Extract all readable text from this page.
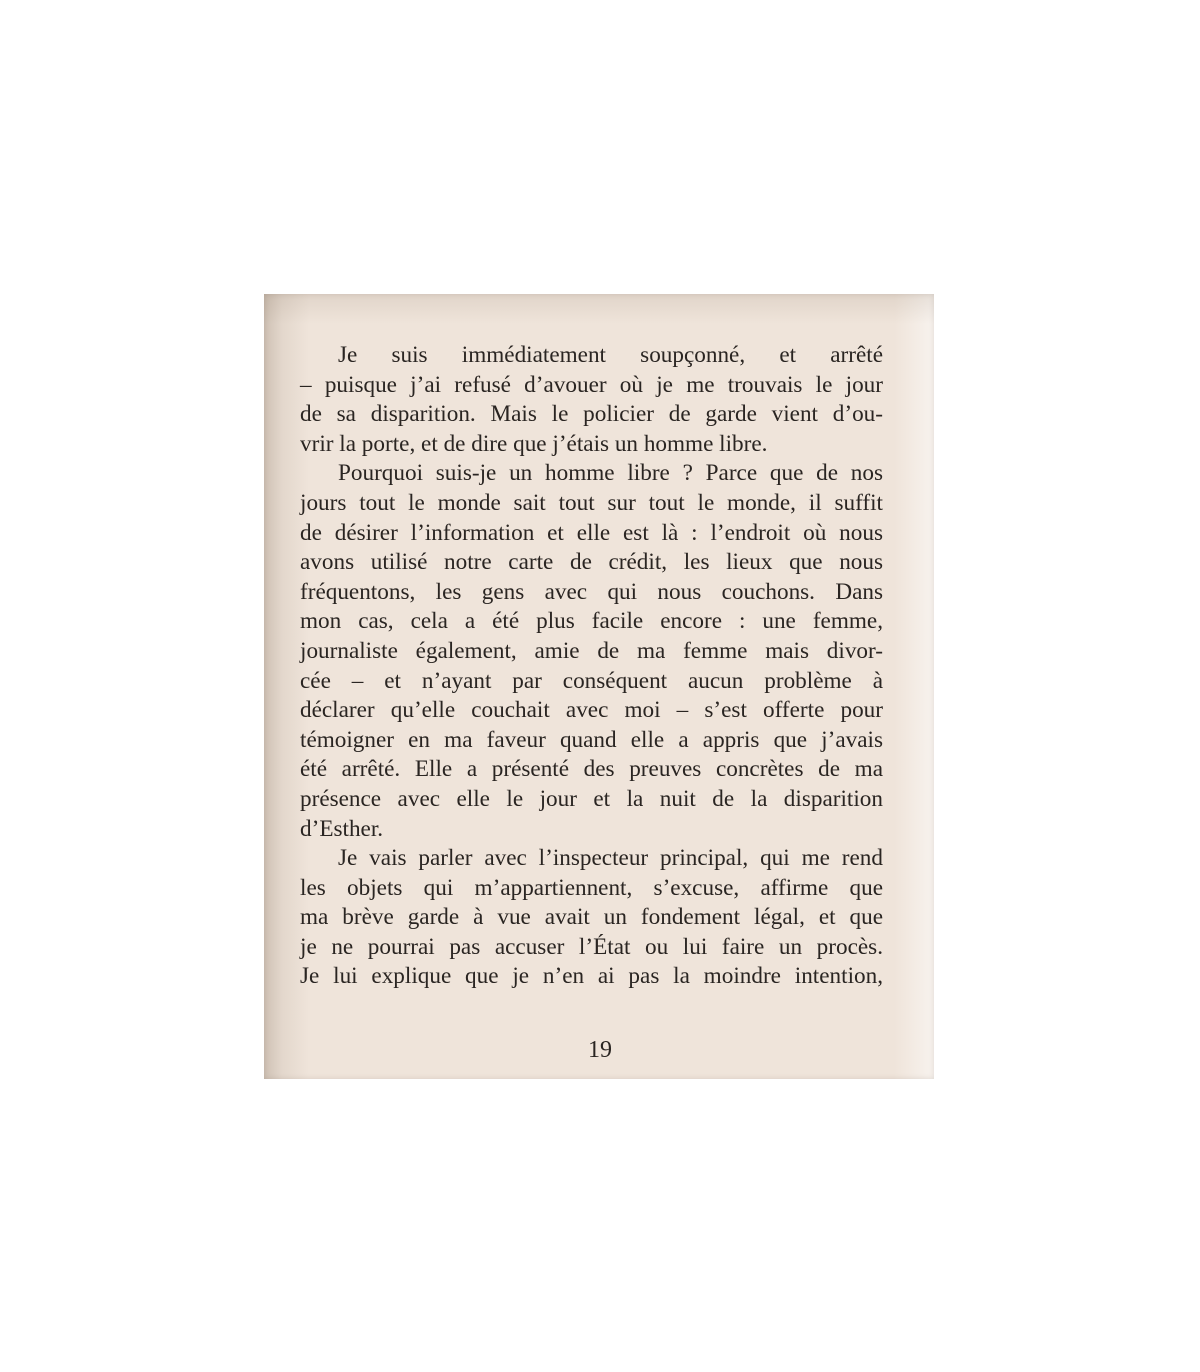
Je suis immédiatement soupçonné, et arrêté
– puisque j’ai refusé d’avouer où je me trouvais le jour
de sa disparition. Mais le policier de garde vient d’ou-
vrir la porte, et de dire que j’étais un homme libre.
Pourquoi suis-je un homme libre ? Parce que de nos
jours tout le monde sait tout sur tout le monde, il suffit
de désirer l’information et elle est là : l’endroit où nous
avons utilisé notre carte de crédit, les lieux que nous
fréquentons, les gens avec qui nous couchons. Dans
mon cas, cela a été plus facile encore : une femme,
journaliste également, amie de ma femme mais divor-
cée – et n’ayant par conséquent aucun problème à
déclarer qu’elle couchait avec moi – s’est offerte pour
témoigner en ma faveur quand elle a appris que j’avais
été arrêté. Elle a présenté des preuves concrètes de ma
présence avec elle le jour et la nuit de la disparition
d’Esther.
Je vais parler avec l’inspecteur principal, qui me rend
les objets qui m’appartiennent, s’excuse, affirme que
ma brève garde à vue avait un fondement légal, et que
je ne pourrai pas accuser l’État ou lui faire un procès.
Je lui explique que je n’en ai pas la moindre intention,
19
